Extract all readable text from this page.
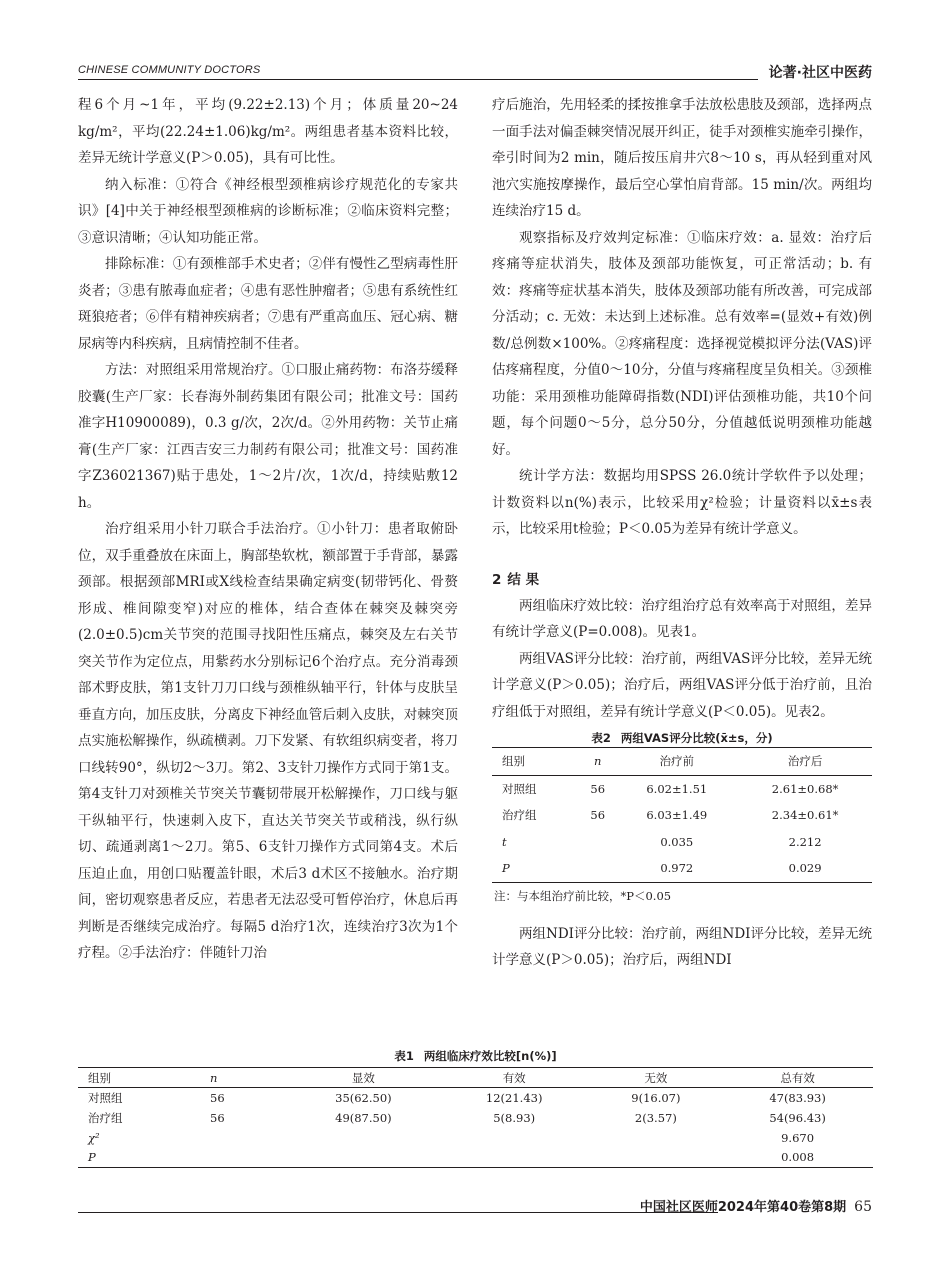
CHINESE COMMUNITY DOCTORS	论著·社区中医药

程6个月~1年，平均(9.22±2.13)个月；体质量20~24 kg/m²，平均(22.24±1.06)kg/m²。两组患者基本资料比较，差异无统计学意义(P＞0.05)，具有可比性。

纳入标准：①符合《神经根型颈椎病诊疗规范化的专家共识》[4]中关于神经根型颈椎病的诊断标准；②临床资料完整；③意识清晰；④认知功能正常。

排除标准：①有颈椎部手术史者；②伴有慢性乙型病毒性肝炎者；③患有脓毒血症者；④患有恶性肿瘤者；⑤患有系统性红斑狼疮者；⑥伴有精神疾病者；⑦患有严重高血压、冠心病、糖尿病等内科疾病，且病情控制不佳者。

方法：对照组采用常规治疗。①口服止痛药物：布洛芬缓释胶囊(生产厂家：长春海外制药集团有限公司；批准文号：国药准字H10900089)，0.3 g/次，2次/d。②外用药物：关节止痛膏(生产厂家：江西吉安三力制药有限公司；批准文号：国药准字Z36021367)贴于患处，1～2片/次，1次/d，持续贴敷12 h。

治疗组采用小针刀联合手法治疗。①小针刀：患者取俯卧位，双手重叠放在床面上，胸部垫软枕，额部置于手背部，暴露颈部。根据颈部MRI或X线检查结果确定病变(韧带钙化、骨赘形成、椎间隙变窄)对应的椎体，结合查体在棘突及棘突旁(2.0±0.5)cm关节突的范围寻找阳性压痛点，棘突及左右关节突关节作为定位点，用紫药水分别标记6个治疗点。充分消毒颈部术野皮肤，第1支针刀刀口线与颈椎纵轴平行，针体与皮肤呈垂直方向，加压皮肤，分离皮下神经血管后刺入皮肤，对棘突顶点实施松解操作，纵疏横剥。刀下发紧、有软组织病变者，将刀口线转90°，纵切2～3刀。第2、3支针刀操作方式同于第1支。第4支针刀对颈椎关节突关节囊韧带展开松解操作，刀口线与躯干纵轴平行，快速刺入皮下，直达关节突关节或稍浅，纵行纵切、疏通剥离1～2刀。第5、6支针刀操作方式同第4支。术后压迫止血，用创口贴覆盖针眼，术后3 d术区不接触水。治疗期间，密切观察患者反应，若患者无法忍受可暂停治疗，休息后再判断是否继续完成治疗。每隔5 d治疗1次，连续治疗3次为1个疗程。②手法治疗：伴随针刀治

疗后施治，先用轻柔的揉按推拿手法放松患肢及颈部，选择两点一面手法对偏歪棘突情况展开纠正，徒手对颈椎实施牵引操作，牵引时间为2 min，随后按压肩井穴8～10 s，再从轻到重对风池穴实施按摩操作，最后空心掌怕肩背部。15 min/次。两组均连续治疗15 d。

观察指标及疗效判定标准：①临床疗效：a. 显效：治疗后疼痛等症状消失，肢体及颈部功能恢复，可正常活动；b. 有效：疼痛等症状基本消失，肢体及颈部功能有所改善，可完成部分活动；c. 无效：未达到上述标准。总有效率=(显效+有效)例数/总例数×100%。②疼痛程度：选择视觉模拟评分法(VAS)评估疼痛程度，分值0～10分，分值与疼痛程度呈负相关。③颈椎功能：采用颈椎功能障碍指数(NDI)评估颈椎功能，共10个问题，每个问题0～5分，总分50分，分值越低说明颈椎功能越好。

统计学方法：数据均用SPSS 26.0统计学软件予以处理；计数资料以n(%)表示，比较采用χ²检验；计量资料以x̄±s表示，比较采用t检验；P＜0.05为差异有统计学意义。

2 结 果

两组临床疗效比较：治疗组治疗总有效率高于对照组，差异有统计学意义(P=0.008)。见表1。

两组VAS评分比较：治疗前，两组VAS评分比较，差异无统计学意义(P＞0.05)；治疗后，两组VAS评分低于治疗前，且治疗组低于对照组，差异有统计学意义(P＜0.05)。见表2。

表2 两组VAS评分比较(x̄±s，分)
组别	n	治疗前	治疗后
对照组	56	6.02±1.51	2.61±0.68*
治疗组	56	6.03±1.49	2.34±0.61*
t		0.035	2.212
P		0.972	0.029
注：与本组治疗前比较，*P＜0.05

两组NDI评分比较：治疗前，两组NDI评分比较，差异无统计学意义(P＞0.05)；治疗后，两组NDI

表1 两组临床疗效比较[n(%)]
组别	n	显效	有效	无效	总有效
对照组	56	35(62.50)	12(21.43)	9(16.07)	47(83.93)
治疗组	56	49(87.50)	5(8.93)	2(3.57)	54(96.43)
χ²					9.670
P					0.008
中国社区医师2024年第40卷第8期 65
